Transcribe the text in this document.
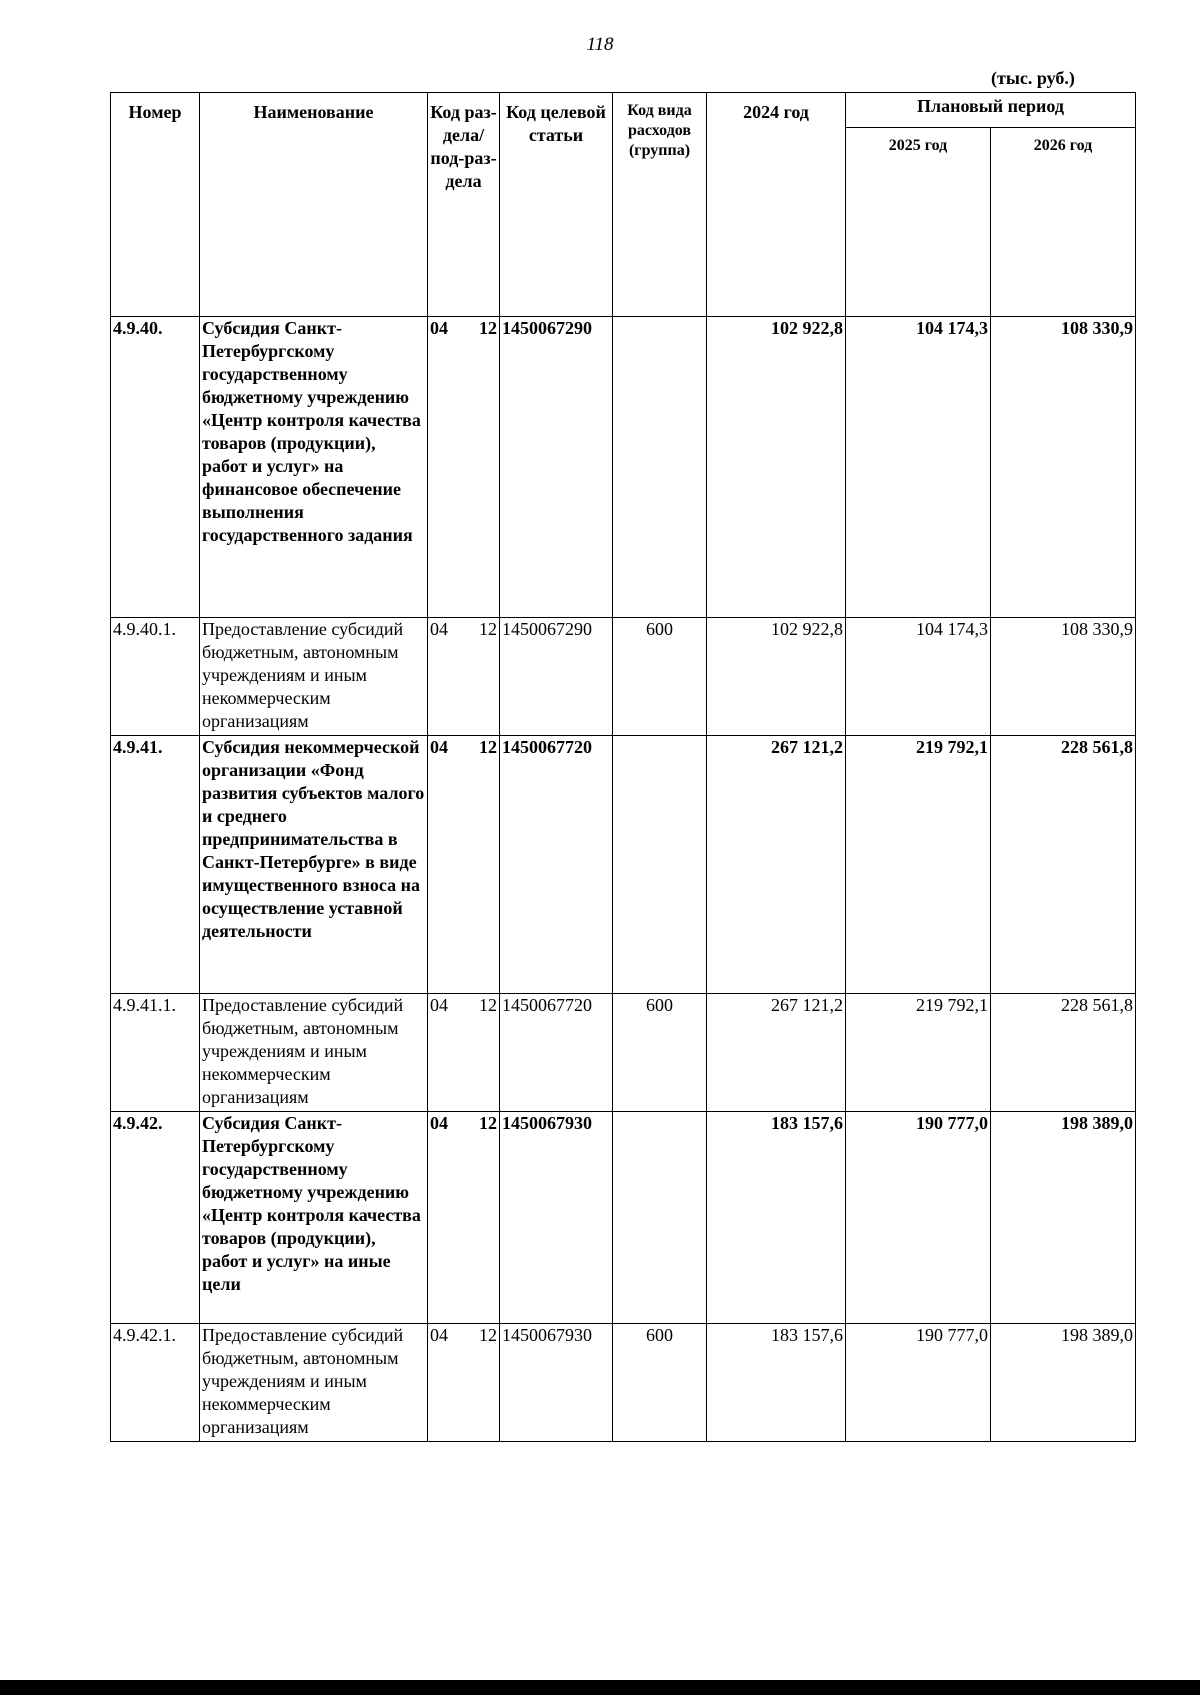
118
(тыс. руб.)
Номер	Наименование	Код раз-дела/ под-раз-дела	Код целевой статьи	Код вида расходов (группа)	2024 год	Плановый период	
						2025 год	2026 год
4.9.40.	Субсидия Санкт-Петербургскому государственному бюджетному учреждению «Центр контроля качества товаров (продукции), работ и услуг» на финансовое обеспечение выполнения государственного задания	04 12	1450067290		102 922,8	104 174,3	108 330,9
4.9.40.1.	Предоставление субсидий бюджетным, автономным учреждениям и иным некоммерческим организациям	04 12	1450067290	600	102 922,8	104 174,3	108 330,9
4.9.41.	Субсидия некоммерческой организации «Фонд развития субъектов малого и среднего предпринимательства в Санкт-Петербурге» в виде имущественного взноса на осуществление уставной деятельности	04 12	1450067720		267 121,2	219 792,1	228 561,8
4.9.41.1.	Предоставление субсидий бюджетным, автономным учреждениям и иным некоммерческим организациям	04 12	1450067720	600	267 121,2	219 792,1	228 561,8
4.9.42.	Субсидия Санкт-Петербургскому государственному бюджетному учреждению «Центр контроля качества товаров (продукции), работ и услуг» на иные цели	04 12	1450067930		183 157,6	190 777,0	198 389,0
4.9.42.1.	Предоставление субсидий бюджетным, автономным учреждениям и иным некоммерческим организациям	04 12	1450067930	600	183 157,6	190 777,0	198 389,0
